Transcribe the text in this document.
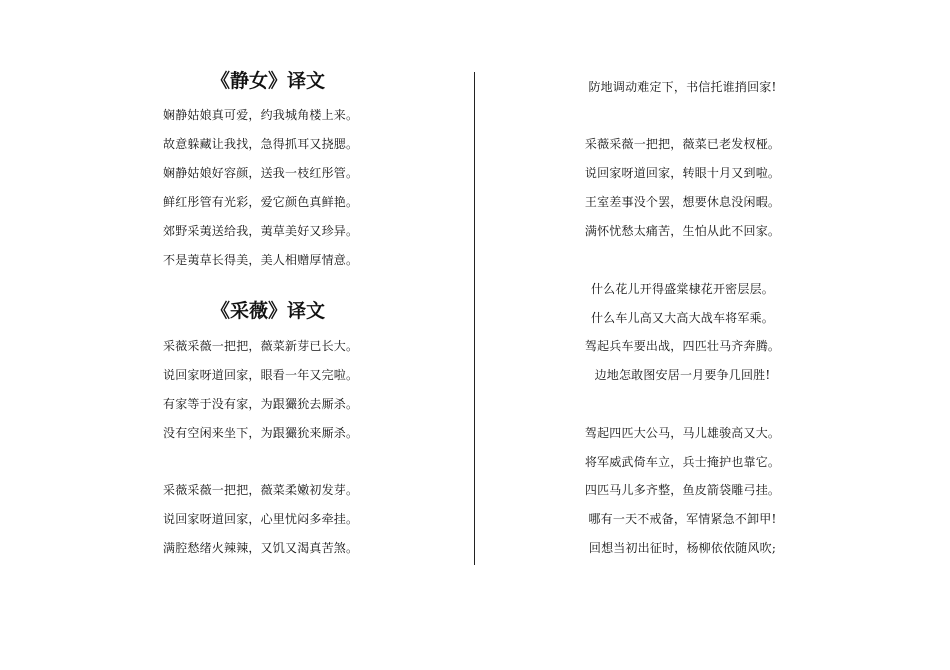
《静女》译文
娴静姑娘真可爱，约我城角楼上来。
故意躲藏让我找，急得抓耳又挠腮。
娴静姑娘好容颜，送我一枝红彤管。
鲜红彤管有光彩，爱它颜色真鲜艳。
郊野采荑送给我，荑草美好又珍异。
不是荑草长得美，美人相赠厚情意。
《采薇》译文
采薇采薇一把把，薇菜新芽已长大。
说回家呀道回家，眼看一年又完啦。
有家等于没有家，为跟玁狁去厮杀。
没有空闲来坐下，为跟玁狁来厮杀。
采薇采薇一把把，薇菜柔嫩初发芽。
说回家呀道回家，心里忧闷多牵挂。
满腔愁绪火辣辣，又饥又渴真苦煞。
防地调动难定下，书信托谁捎回家!
采薇采薇一把把，薇菜已老发杈桠。
说回家呀道回家，转眼十月又到啦。
王室差事没个罢，想要休息没闲暇。
满怀忧愁太痛苦，生怕从此不回家。
什么花儿开得盛棠棣花开密层层。
什么车儿高又大高大战车将军乘。
驾起兵车要出战，四匹壮马齐奔腾。
边地怎敢图安居一月要争几回胜!
驾起四匹大公马，马儿雄骏高又大。
将军威武倚车立，兵士掩护也靠它。
四匹马儿多齐整，鱼皮箭袋雕弓挂。
哪有一天不戒备，军情紧急不卸甲!
回想当初出征时，杨柳依依随风吹;
